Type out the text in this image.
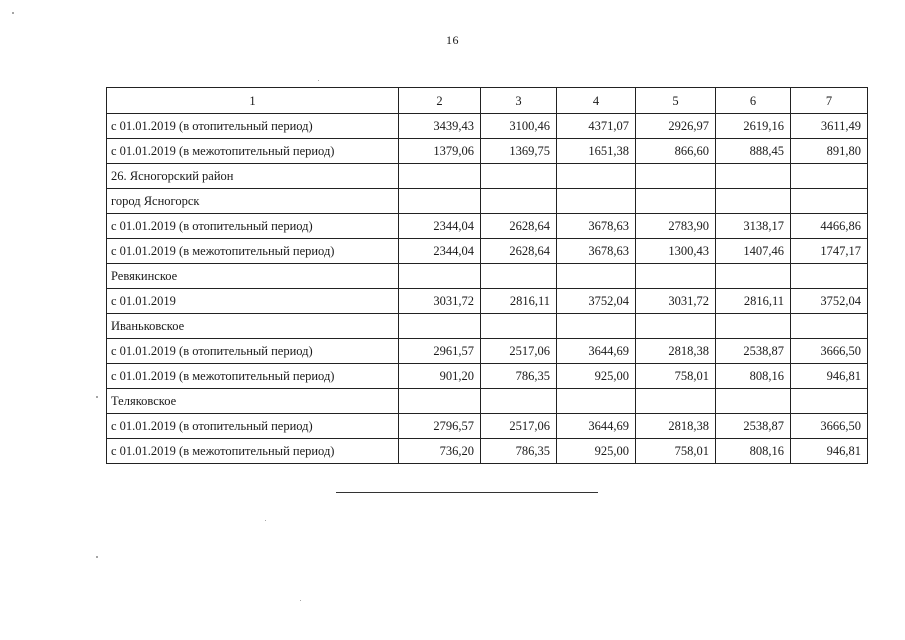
16
1	2	3	4	5	6	7
с 01.01.2019 (в отопительный период)	3439,43	3100,46	4371,07	2926,97	2619,16	3611,49
с 01.01.2019 (в межотопительный период)	1379,06	1369,75	1651,38	866,60	888,45	891,80
26. Ясногорский район						
город Ясногорск						
с 01.01.2019 (в отопительный период)	2344,04	2628,64	3678,63	2783,90	3138,17	4466,86
с 01.01.2019 (в межотопительный период)	2344,04	2628,64	3678,63	1300,43	1407,46	1747,17
Ревякинское						
с 01.01.2019	3031,72	2816,11	3752,04	3031,72	2816,11	3752,04
Иваньковское						
с 01.01.2019 (в отопительный период)	2961,57	2517,06	3644,69	2818,38	2538,87	3666,50
с 01.01.2019 (в межотопительный период)	901,20	786,35	925,00	758,01	808,16	946,81
Теляковское						
с 01.01.2019 (в отопительный период)	2796,57	2517,06	3644,69	2818,38	2538,87	3666,50
с 01.01.2019 (в межотопительный период)	736,20	786,35	925,00	758,01	808,16	946,81
